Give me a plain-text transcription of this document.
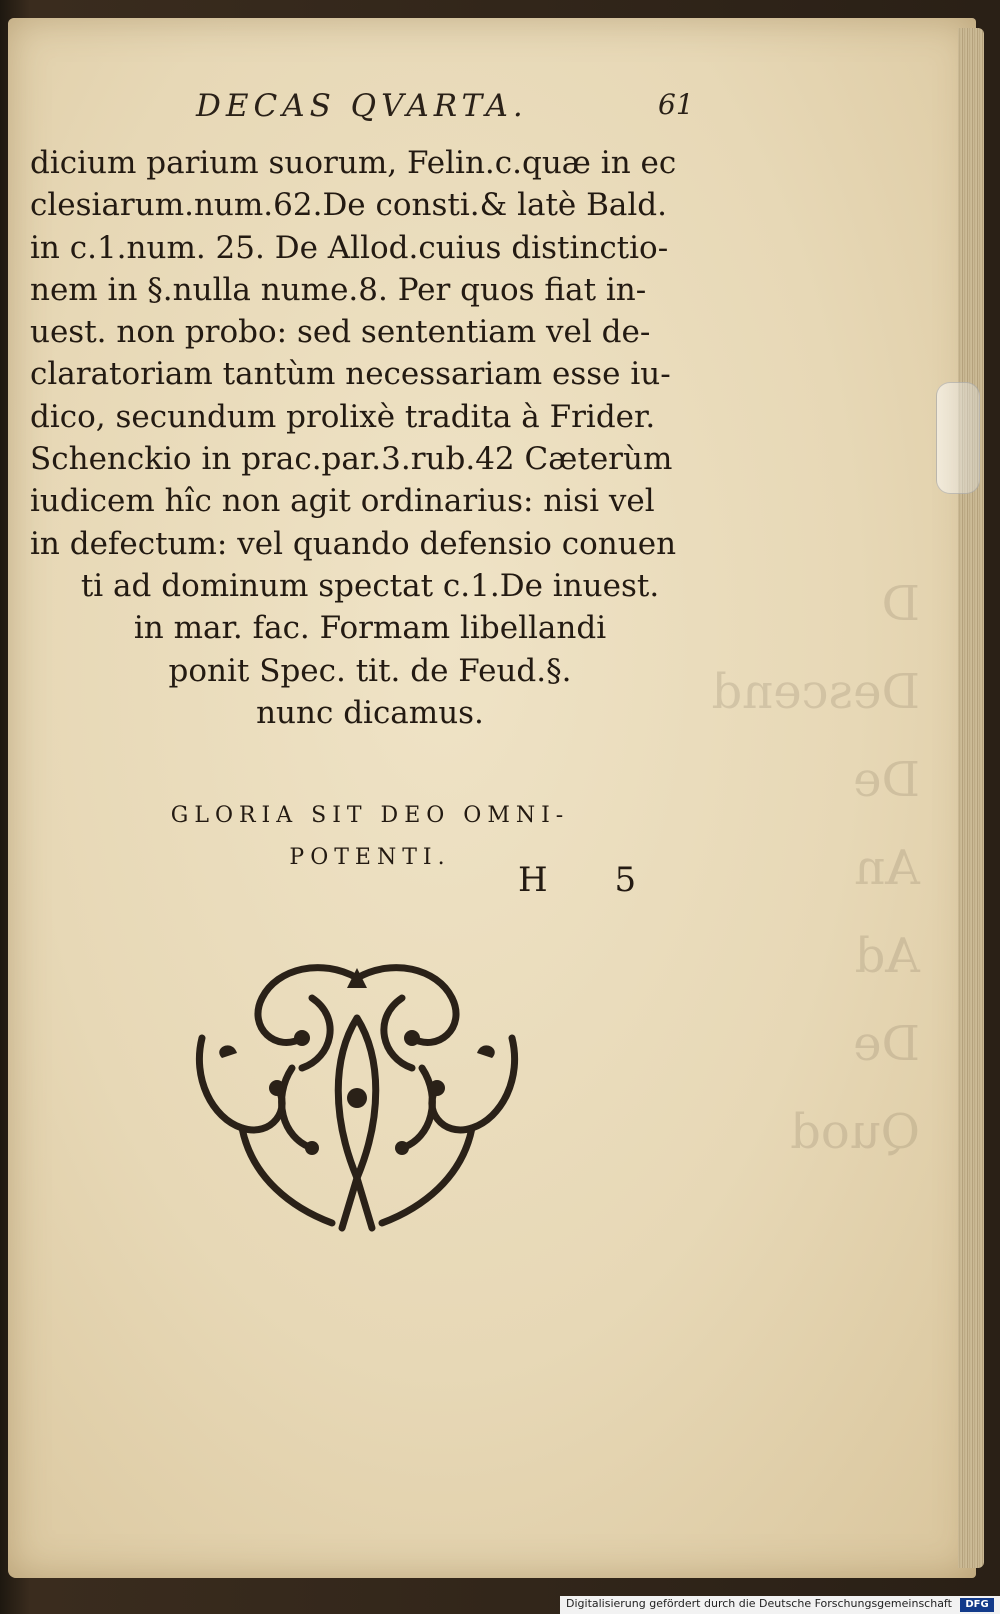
D
Descend
De
An
Ad
De
Quod
DECAS QVARTA.	61
dicium parium suorum, Felin.c.quæ in ec
clesiarum.num.62.De consti.& latè Bald.
in c.1.num. 25. De Allod.cuius distinctio-
nem in §.nulla nume.8. Per quos fiat in-
uest. non probo: sed sententiam vel de-
claratoriam tantùm necessariam esse iu-
dico, secundum prolixè tradita à Frider.
Schenckio in prac.par.3.rub.42 Cæterùm
iudicem hîc non agit ordinarius: nisi vel
in defectum: vel quando defensio conuen
ti ad dominum spectat c.1.De inuest.
in mar. fac. Formam libellandi
ponit Spec. tit. de Feud.§.
nunc dicamus.
GLORIA SIT DEO OMNI-
POTENTI.
H 5
Digitalisierung gefördert durch die Deutsche Forschungsgemeinschaft	DFG
